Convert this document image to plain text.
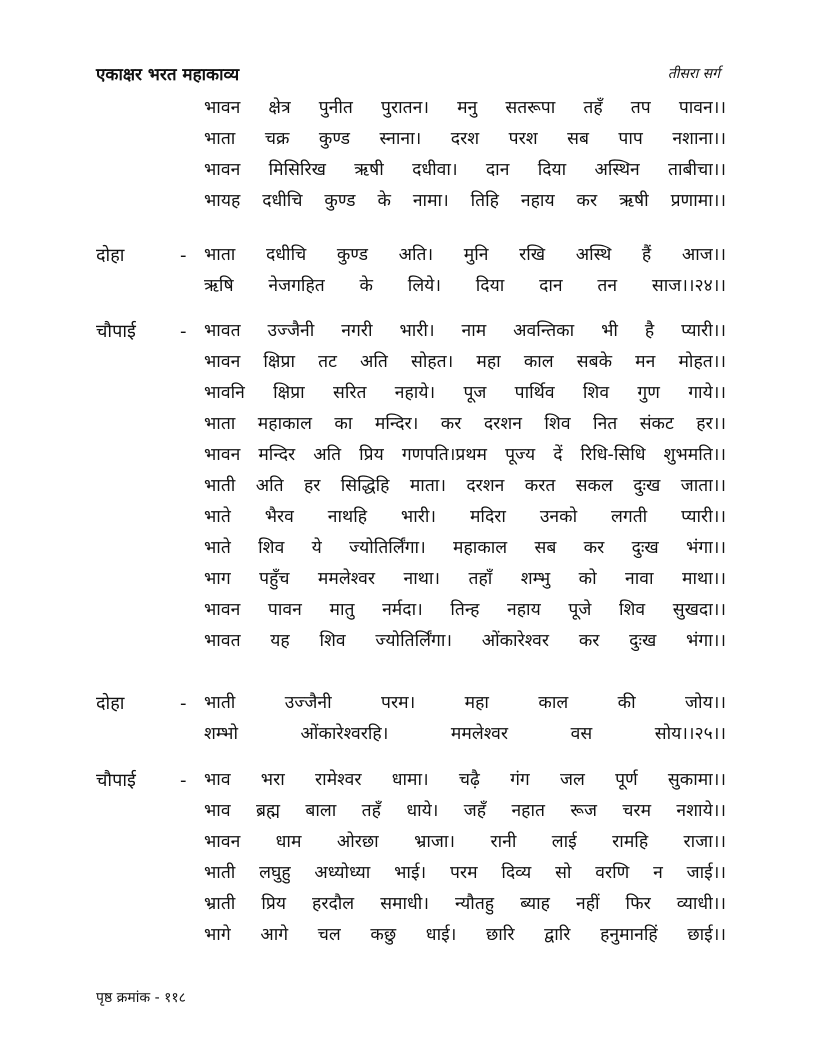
एकाक्षर भरत महाकाव्य	तीसरा सर्ग
भावन क्षेत्र पुनीत पुरातन। मनु सतरूपा तहँ तप पावन।।
भाता चक्र कुण्ड स्नाना। दरश परश सब पाप नशाना।।
भावन मिसिरिख ऋषी दधीवा। दान दिया अस्थिन ताबीचा।।
भायह दधीचि कुण्ड के नामा। तिहि नहाय कर ऋषी प्रणामा।।
दोहा	- भाता दधीचि कुण्ड अति। मुनि रखि अस्थि हैं आज।।
ऋषि नेजगहित के लिये। दिया दान तन साज।।२४।।
चौपाई - भावत उज्जैनी नगरी भारी। नाम अवन्तिका भी है प्यारी।।
भावन क्षिप्रा तट अति सोहत। महा काल सबके मन मोहत।।
भावनि क्षिप्रा सरित नहाये। पूज पार्थिव शिव गुण गाये।।
भाता महाकाल का मन्दिर। कर दरशन शिव नित संकट हर।।
भावन मन्दिर अति प्रिय गणपति।प्रथम पूज्य दें रिधि-सिधि शुभमति।।
भाती अति हर सिद्धिहि माता। दरशन करत सकल दुःख जाता।।
भाते भैरव नाथहि भारी। मदिरा उनको लगती प्यारी।।
भाते शिव ये ज्योतिर्लिंगा। महाकाल सब कर दुःख भंगा।।
भाग पहुँच ममलेश्वर नाथा। तहाँ शम्भु को नावा माथा।।
भावन पावन मातु नर्मदा। तिन्ह नहाय पूजे शिव सुखदा।।
भावत यह शिव ज्योतिर्लिंगा। ओंकारेश्वर कर दुःख भंगा।।
दोहा	- भाती उज्जैनी परम। महा काल की जोय।।
शम्भो ओंकारेश्वरहि। ममलेश्वर वस सोय।।२५।।
चौपाई - भाव भरा रामेश्वर धामा। चढ़ै गंग जल पूर्ण सुकामा।।
भाव ब्रह्म बाला तहँ धाये। जहँ नहात रूज चरम नशाये।।
भावन धाम ओरछा भ्राजा। रानी लाई रामहि राजा।।
भाती लघुहु अध्योध्या भाई। परम दिव्य सो वरणि न जाई।।
भ्राती प्रिय हरदौल समाधी। न्यौतहु ब्याह नहीं फिर व्याधी।।
भागे आगे चल कछु धाई। छारि द्वारि हनुमानहिं छाई।।
पृष्ठ क्रमांक - ११८
